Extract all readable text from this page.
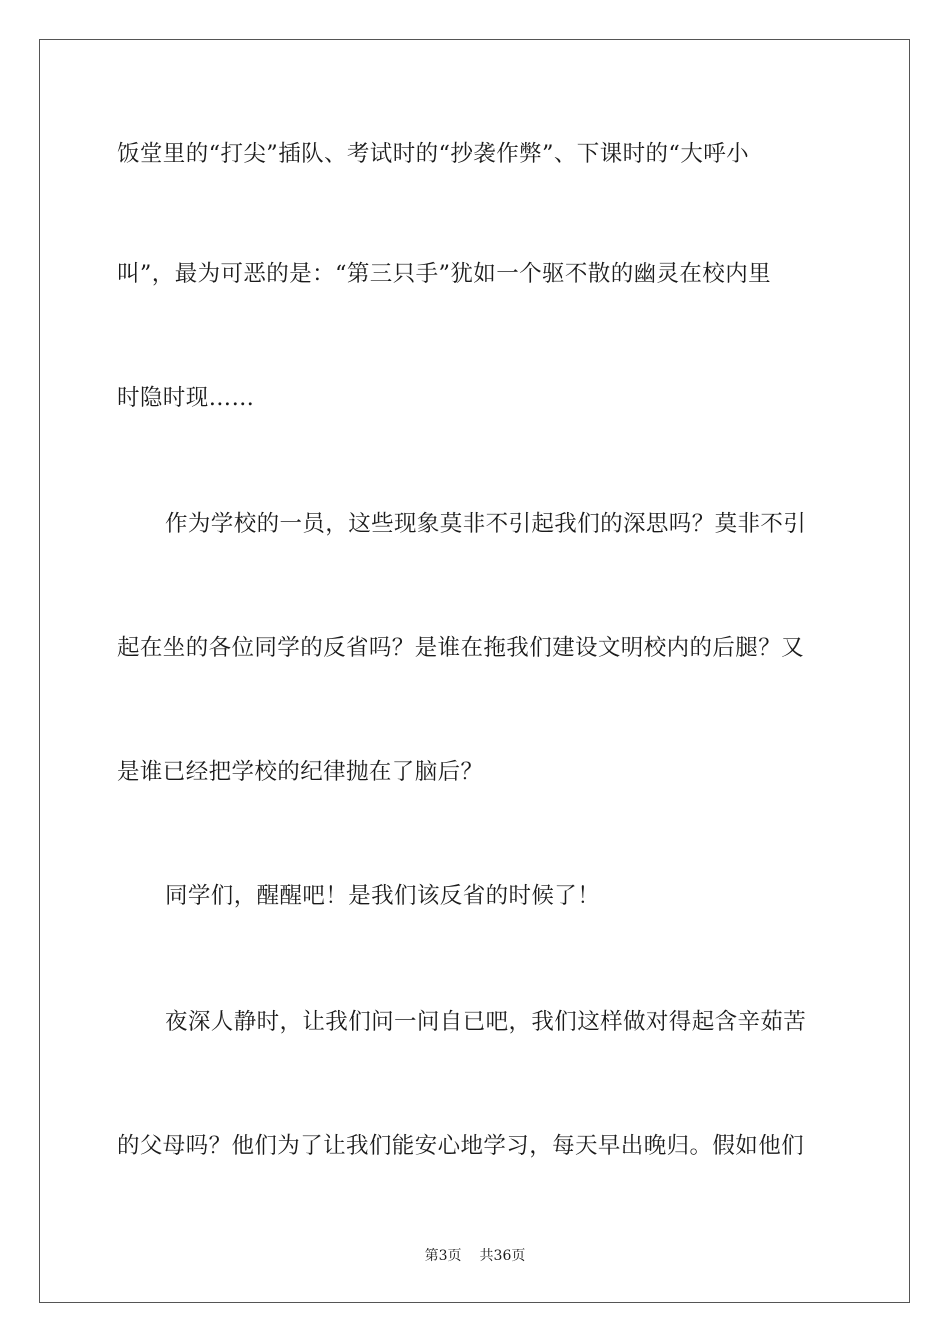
饭堂里的“打尖”插队、考试时的“抄袭作弊”、下课时的“大呼小
叫”，最为可恶的是：“第三只手”犹如一个驱不散的幽灵在校内里
时隐时现……
作为学校的一员，这些现象莫非不引起我们的深思吗？莫非不引
起在坐的各位同学的反省吗？是谁在拖我们建设文明校内的后腿？又
是谁已经把学校的纪律抛在了脑后？
同学们，醒醒吧！是我们该反省的时候了！
夜深人静时，让我们问一问自已吧，我们这样做对得起含辛茹苦
的父母吗？他们为了让我们能安心地学习，每天早出晚归。假如他们
第3页 共36页
